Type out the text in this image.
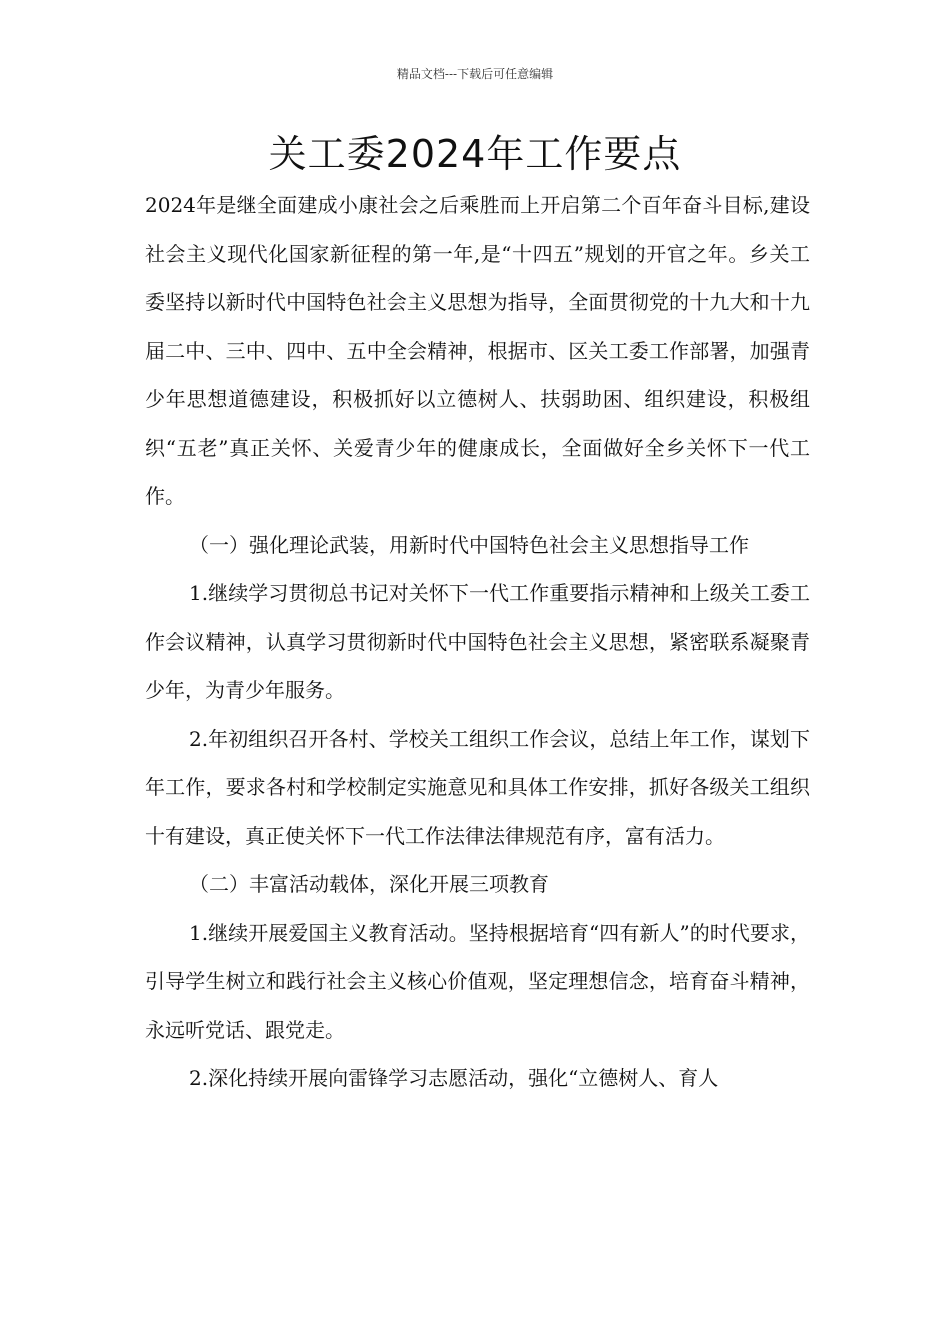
精品文档---下载后可任意编辑
关工委2024年工作要点

2024年是继全面建成小康社会之后乘胜而上开启第二个百年奋斗目标,建设社会主义现代化国家新征程的第一年,是“十四五”规划的开官之年。乡关工委坚持以新时代中国特色社会主义思想为指导，全面贯彻党的十九大和十九届二中、三中、四中、五中全会精神，根据市、区关工委工作部署，加强青少年思想道德建设，积极抓好以立德树人、扶弱助困、组织建设，积极组织“五老”真正关怀、关爱青少年的健康成长，全面做好全乡关怀下一代工作。

（一）强化理论武装，用新时代中国特色社会主义思想指导工作

1.继续学习贯彻总书记对关怀下一代工作重要指示精神和上级关工委工作会议精神，认真学习贯彻新时代中国特色社会主义思想，紧密联系凝聚青少年，为青少年服务。

2.年初组织召开各村、学校关工组织工作会议，总结上年工作，谋划下年工作，要求各村和学校制定实施意见和具体工作安排，抓好各级关工组织十有建设，真正使关怀下一代工作法律法律规范有序，富有活力。

（二）丰富活动载体，深化开展三项教育

1.继续开展爱国主义教育活动。坚持根据培育“四有新人”的时代要求，引导学生树立和践行社会主义核心价值观，坚定理想信念，培育奋斗精神，永远听党话、跟党走。

2.深化持续开展向雷锋学习志愿活动，强化“立德树人、育人
